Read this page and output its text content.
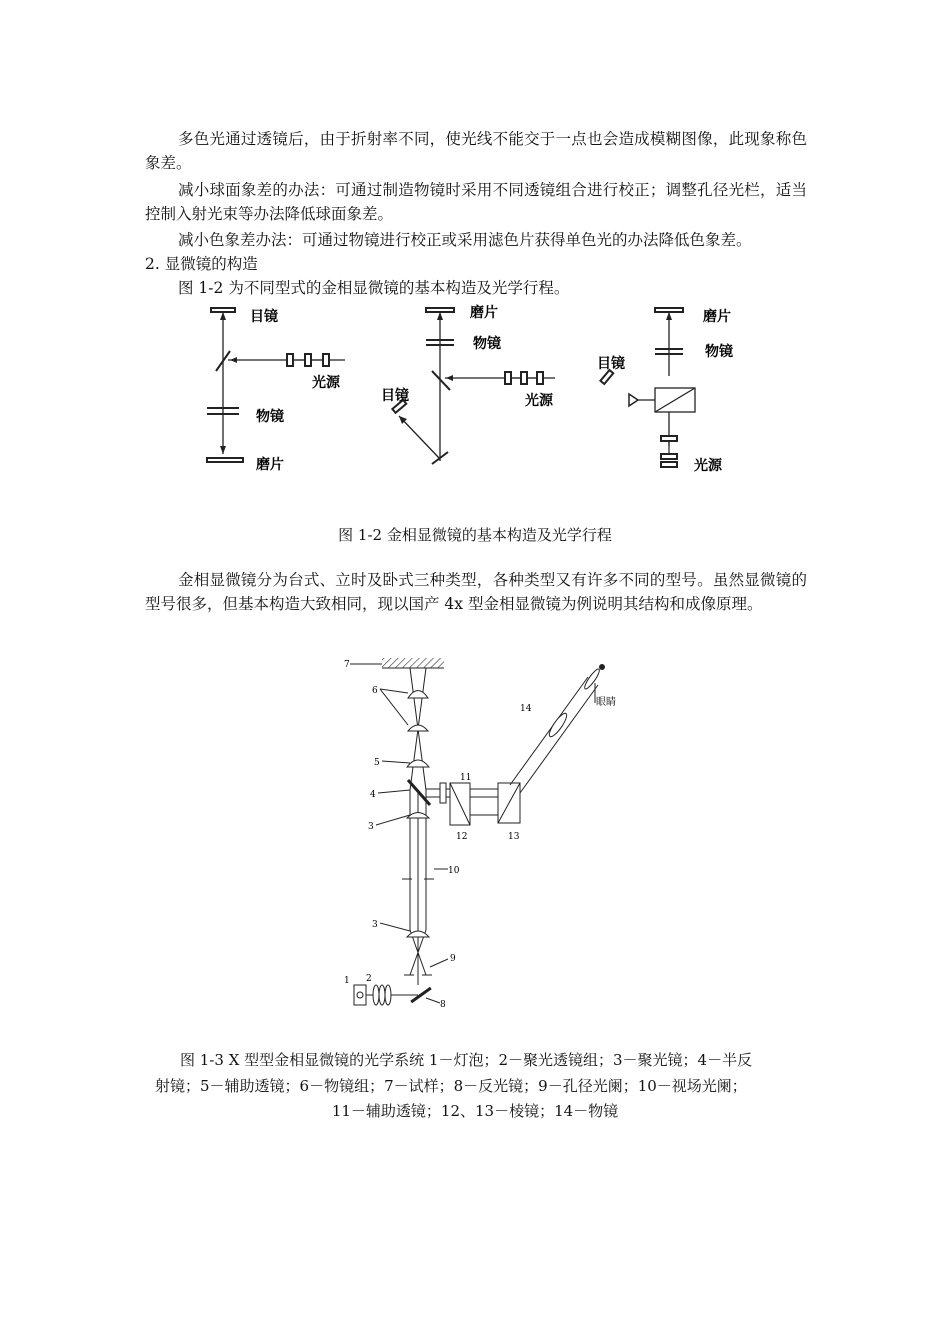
多色光通过透镜后，由于折射率不同，使光线不能交于一点也会造成模糊图像，此现象称色象差。

减小球面象差的办法：可通过制造物镜时采用不同透镜组合进行校正；调整孔径光栏，适当控制入射光束等办法降低球面象差。

减小色象差办法：可通过物镜进行校正或采用滤色片获得单色光的办法降低色象差。

2. 显微镜的构造

图 1-2 为不同型式的金相显微镜的基本构造及光学行程。

目镜
光源
物镜
磨片
磨片
物镜
目镜	光源
磨片
物镜
目镜
光源

图 1-2 金相显微镜的基本构造及光学行程

金相显微镜分为台式、立时及卧式三种类型，各种类型又有许多不同的型号。虽然显微镜的型号很多，但基本构造大致相同，现以国产 4x 型金相显微镜为例说明其结构和成像原理。

7
6
5
4
3
10
3
9
1 2
8
11
12	13
14
眼睛

图 1-3 X 型型金相显微镜的光学系统 1－灯泡；2－聚光透镜组；3－聚光镜；4－半反

射镜；5－辅助透镜；6－物镜组；7－试样；8－反光镜；9－孔径光阑；10－视场光阑；

11－辅助透镜；12、13－棱镜；14－物镜
